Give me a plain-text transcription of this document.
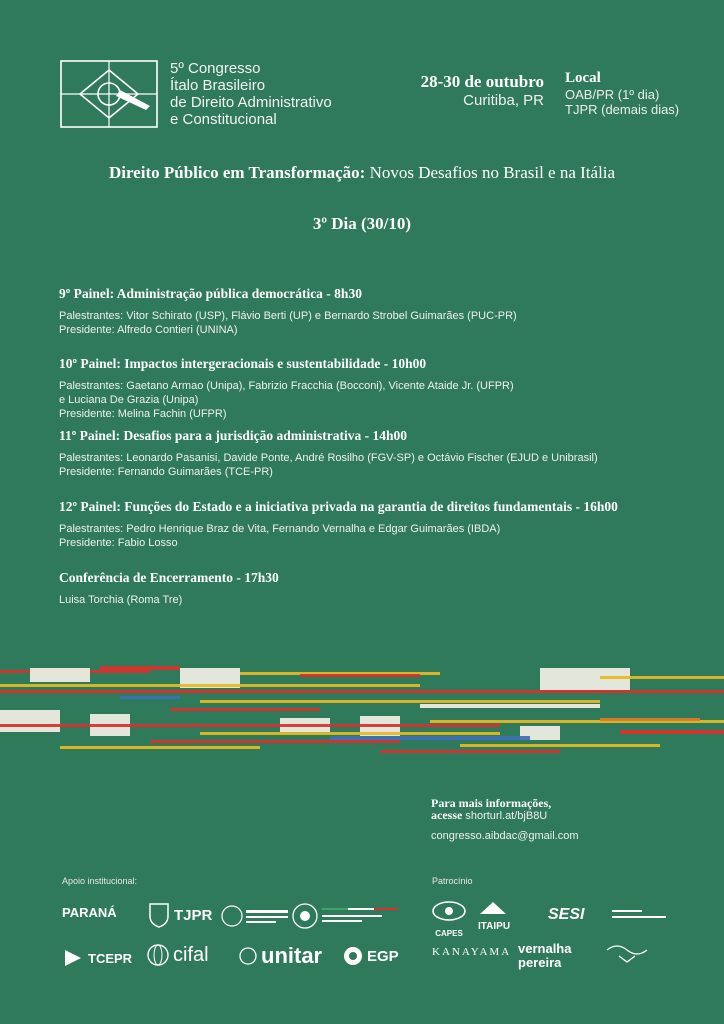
5º Congresso
Ítalo Brasileiro
de Direito Administrativo
e Constitucional
28-30 de outubro
Curitiba, PR
Local
OAB/PR (1º dia)
TJPR (demais dias)
Direito Público em Transformação: Novos Desafios no Brasil e na Itália
3º Dia (30/10)
9º Painel: Administração pública democrática - 8h30
Palestrantes: Vitor Schirato (USP), Flávio Berti (UP) e Bernardo Strobel Guimarães (PUC-PR)
Presidente: Alfredo Contieri (UNINA)
10º Painel: Impactos intergeracionais e sustentabilidade - 10h00
Palestrantes: Gaetano Armao (Unipa), Fabrizio Fracchia (Bocconi), Vicente Ataide Jr. (UFPR)
e Luciana De Grazia (Unipa)
Presidente: Melina Fachin (UFPR)
11º Painel: Desafios para a jurisdição administrativa - 14h00
Palestrantes: Leonardo Pasanisi, Davide Ponte, André Rosilho (FGV-SP) e Octávio Fischer (EJUD e Unibrasil)
Presidente: Fernando Guimarães (TCE-PR)
12º Painel: Funções do Estado e a iniciativa privada na garantia de direitos fundamentais - 16h00
Palestrantes: Pedro Henrique Braz de Vita, Fernando Vernalha e Edgar Guimarães (IBDA)
Presidente: Fabio Losso
Conferência de Encerramento - 17h30
Luisa Torchia (Roma Tre)
Para mais informações,
acesse shorturl.at/bjB8U
congresso.aibdac@gmail.com
Apoio institucional:	Patrocínio
PARANÁ	TJPR
TCEPR cifal unitar	EGP
CAPES
ITAIPU
SESI
KANAYAMA vernalha pereira
